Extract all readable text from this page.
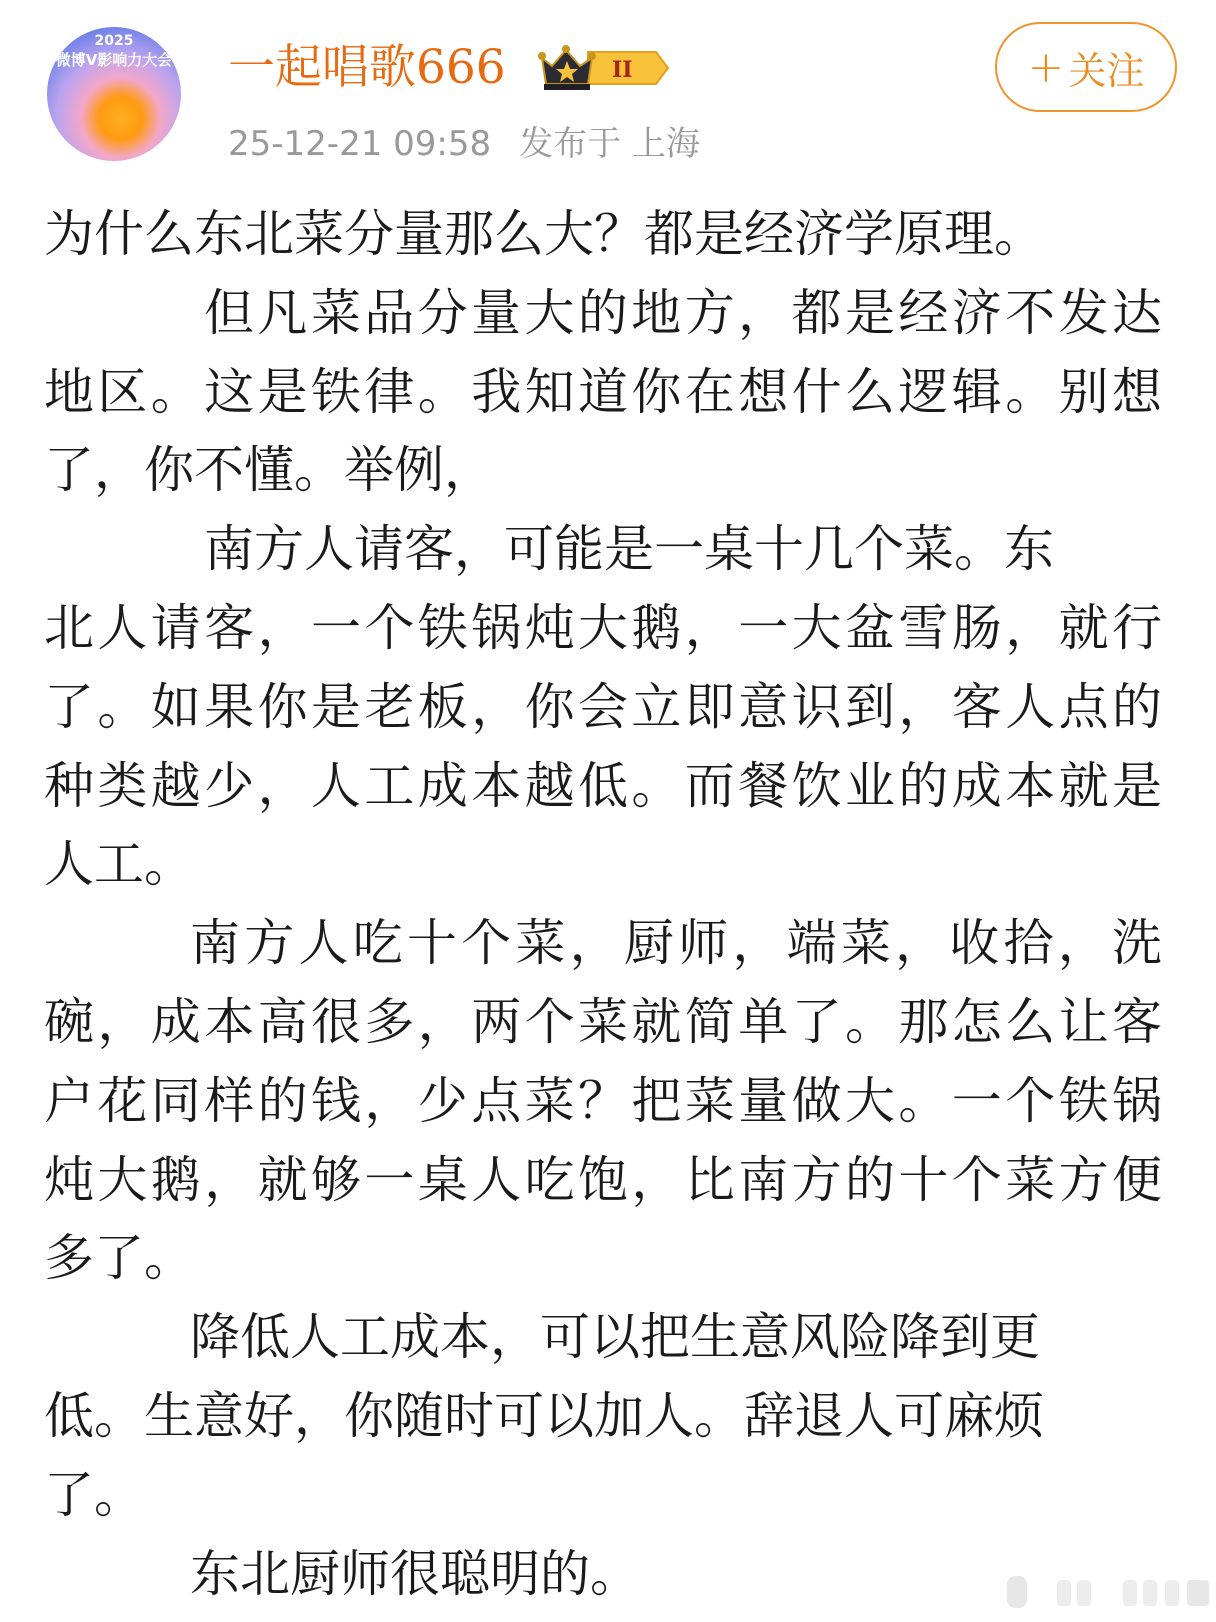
2025
微博V影响力大会 一起唱歌666	II
25-12-21 09:58 发布于 上海
+ 关注
为什么东北菜分量那么大？都是经济学原理。
但凡菜品分量大的地方，都是经济不发达
地区。这是铁律。我知道你在想什么逻辑。别想
了，你不懂。举例，
南方人请客，可能是一桌十几个菜。东
北人请客，一个铁锅炖大鹅，一大盆雪肠，就行
了。如果你是老板，你会立即意识到，客人点的
种类越少，人工成本越低。而餐饮业的成本就是
人工。
南方人吃十个菜，厨师，端菜，收拾，洗
碗，成本高很多，两个菜就简单了。那怎么让客
户花同样的钱，少点菜？把菜量做大。一个铁锅
炖大鹅，就够一桌人吃饱，比南方的十个菜方便
多了。
降低人工成本，可以把生意风险降到更
低。生意好，你随时可以加人。辞退人可麻烦
了。
东北厨师很聪明的。
